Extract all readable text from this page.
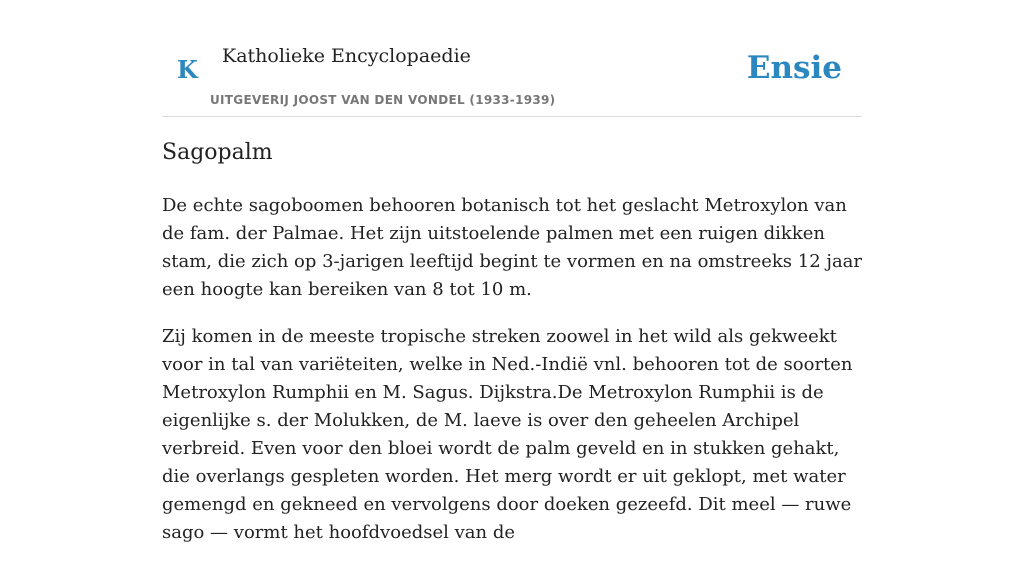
K Katholieke Encyclopaedie
UITGEVERIJ JOOST VAN DEN VONDEL (1933-1939)
Ensie
Sagopalm

De echte sagoboomen behooren botanisch tot het geslacht Metroxylon van de fam. der Palmae. Het zijn uitstoelende palmen met een ruigen dikken stam, die zich op 3-jarigen leeftijd begint te vormen en na omstreeks 12 jaar een hoogte kan bereiken van 8 tot 10 m.

Zij komen in de meeste tropische streken zoowel in het wild als gekweekt voor in tal van variëteiten, welke in Ned.-Indië vnl. behooren tot de soorten Metroxylon Rumphii en M. Sagus. Dijkstra.De Metroxylon Rumphii is de eigenlijke s. der Molukken, de M. laeve is over den geheelen Archipel verbreid. Even voor den bloei wordt de palm geveld en in stukken gehakt, die overlangs gespleten worden. Het merg wordt er uit geklopt, met water gemengd en gekneed en vervolgens door doeken gezeefd. Dit meel — ruwe sago — vormt het hoofdvoedsel van de
